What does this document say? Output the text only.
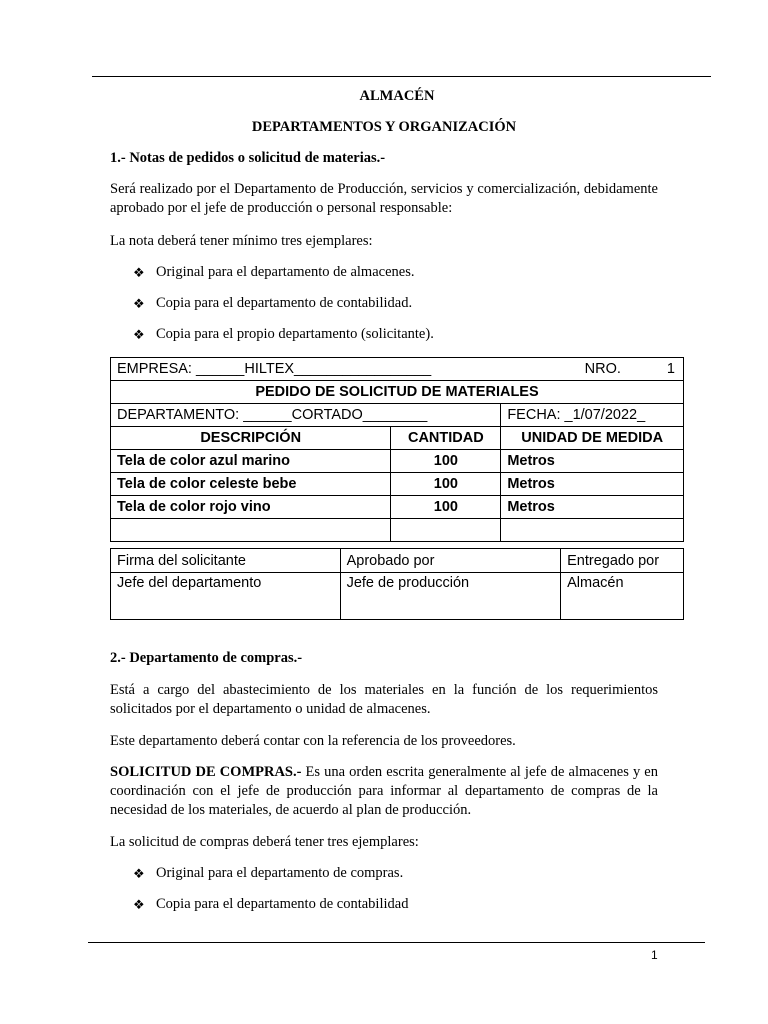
ALMACÉN
DEPARTAMENTOS Y ORGANIZACIÓN
1.- Notas de pedidos o solicitud de materias.-
Será realizado por el Departamento de Producción, servicios y comercialización, debidamente aprobado por el jefe de producción o personal responsable:
La nota deberá tener mínimo tres ejemplares:
❖ Original para el departamento de almacenes.
❖ Copia para el departamento de contabilidad.
❖ Copia para el propio departamento (solicitante).
EMPRESA: ______HILTEX_________________ NRO. 1		

PEDIDO DE SOLICITUD DE MATERIALES		
DEPARTAMENTO: ______CORTADO________		FECHA: _1/07/2022_
DESCRIPCIÓN	CANTIDAD	UNIDAD DE MEDIDA
Tela de color azul marino	100	Metros
Tela de color celeste bebe	100	Metros
Tela de color rojo vino	100	Metros

Firma del solicitante	Aprobado por	Entregado por
Jefe del departamento	Jefe de producción	Almacén
2.- Departamento de compras.-
Está a cargo del abastecimiento de los materiales en la función de los requerimientos solicitados por el departamento o unidad de almacenes.
Este departamento deberá contar con la referencia de los proveedores.
SOLICITUD DE COMPRAS.- Es una orden escrita generalmente al jefe de almacenes y en coordinación con el jefe de producción para informar al departamento de compras de la necesidad de los materiales, de acuerdo al plan de producción.
La solicitud de compras deberá tener tres ejemplares:
❖ Original para el departamento de compras.
❖ Copia para el departamento de contabilidad
1
